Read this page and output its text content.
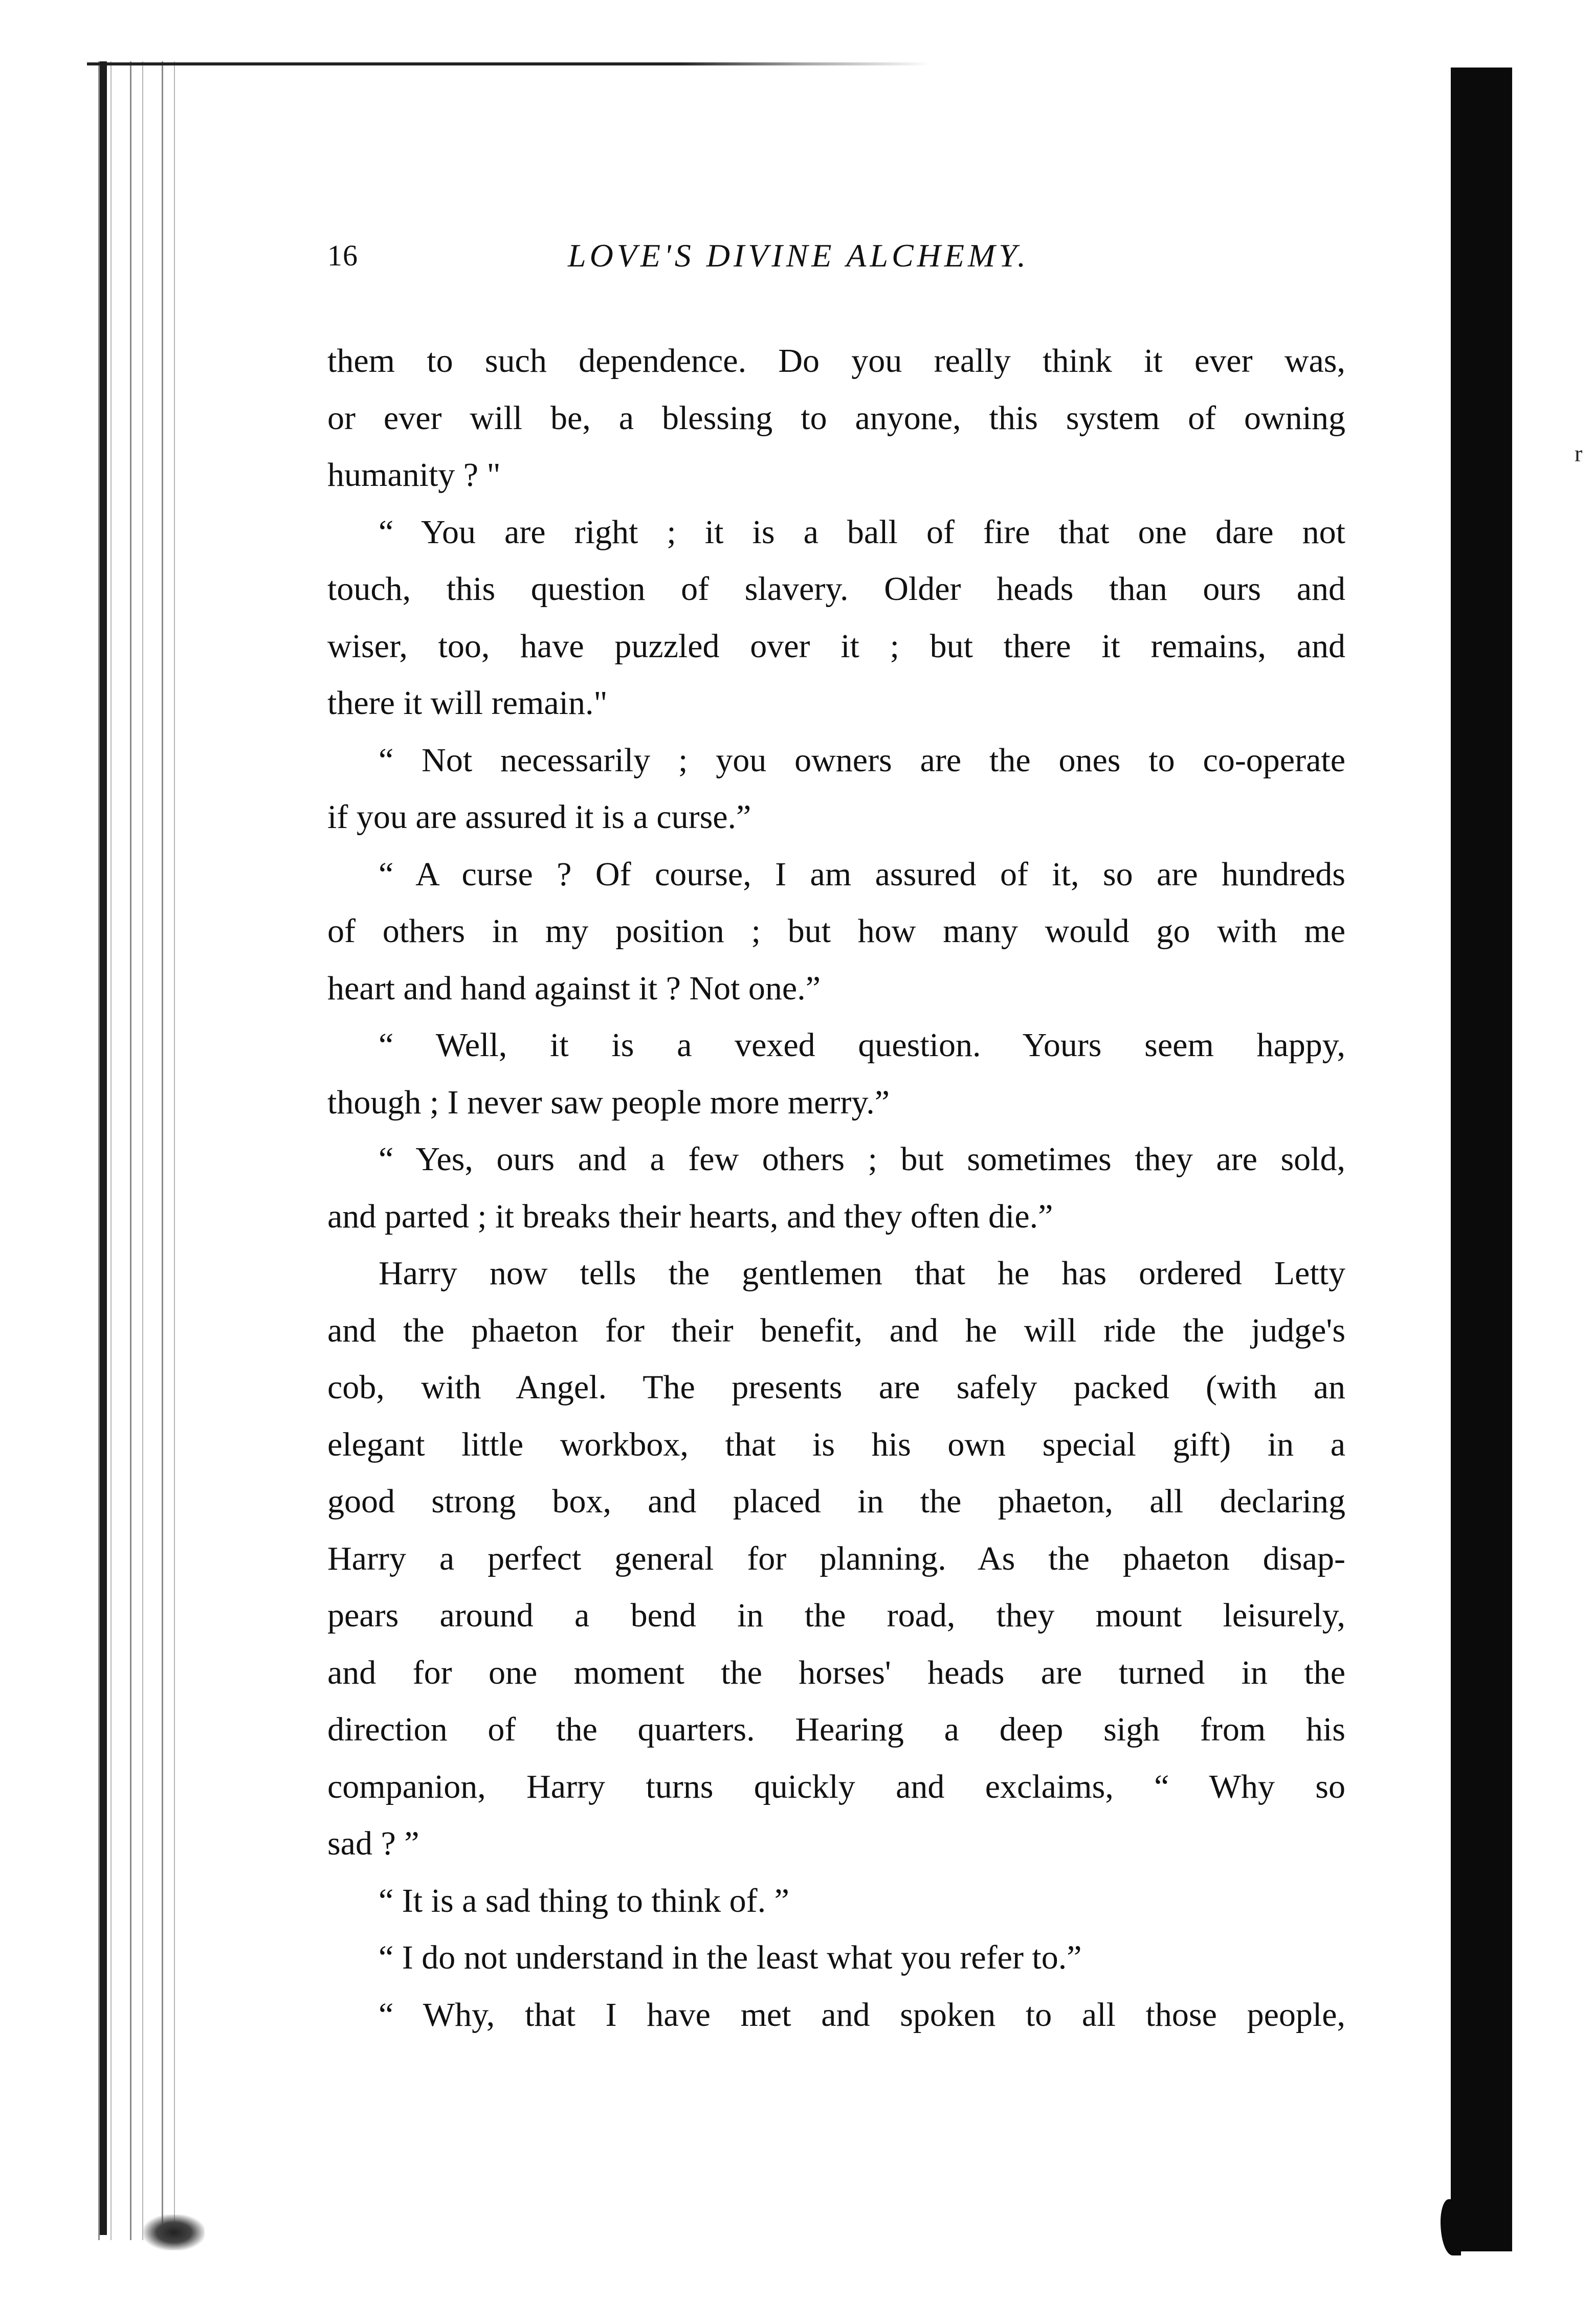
r
16	LOVE'S DIVINE ALCHEMY.
them to such dependence. Do you really think it ever was,
or ever will be, a blessing to anyone, this system of owning
humanity ? "
“ You are right ; it is a ball of fire that one dare not
touch, this question of slavery. Older heads than ours and
wiser, too, have puzzled over it ; but there it remains, and
there it will remain."
“ Not necessarily ; you owners are the ones to co-operate
if you are assured it is a curse.”
“ A curse ? Of course, I am assured of it, so are hundreds
of others in my position ; but how many would go with me
heart and hand against it ? Not one.”
“ Well, it is a vexed question. Yours seem happy,
though ; I never saw people more merry.”
“ Yes, ours and a few others ; but sometimes they are sold,
and parted ; it breaks their hearts, and they often die.”
Harry now tells the gentlemen that he has ordered Letty
and the phaeton for their benefit, and he will ride the judge's
cob, with Angel. The presents are safely packed (with an
elegant little workbox, that is his own special gift) in a
good strong box, and placed in the phaeton, all declaring
Harry a perfect general for planning. As the phaeton disap-
pears around a bend in the road, they mount leisurely,
and for one moment the horses' heads are turned in the
direction of the quarters. Hearing a deep sigh from his
companion, Harry turns quickly and exclaims, “ Why so
sad ? ”
“ It is a sad thing to think of. ”
“ I do not understand in the least what you refer to.”
“ Why, that I have met and spoken to all those people,
